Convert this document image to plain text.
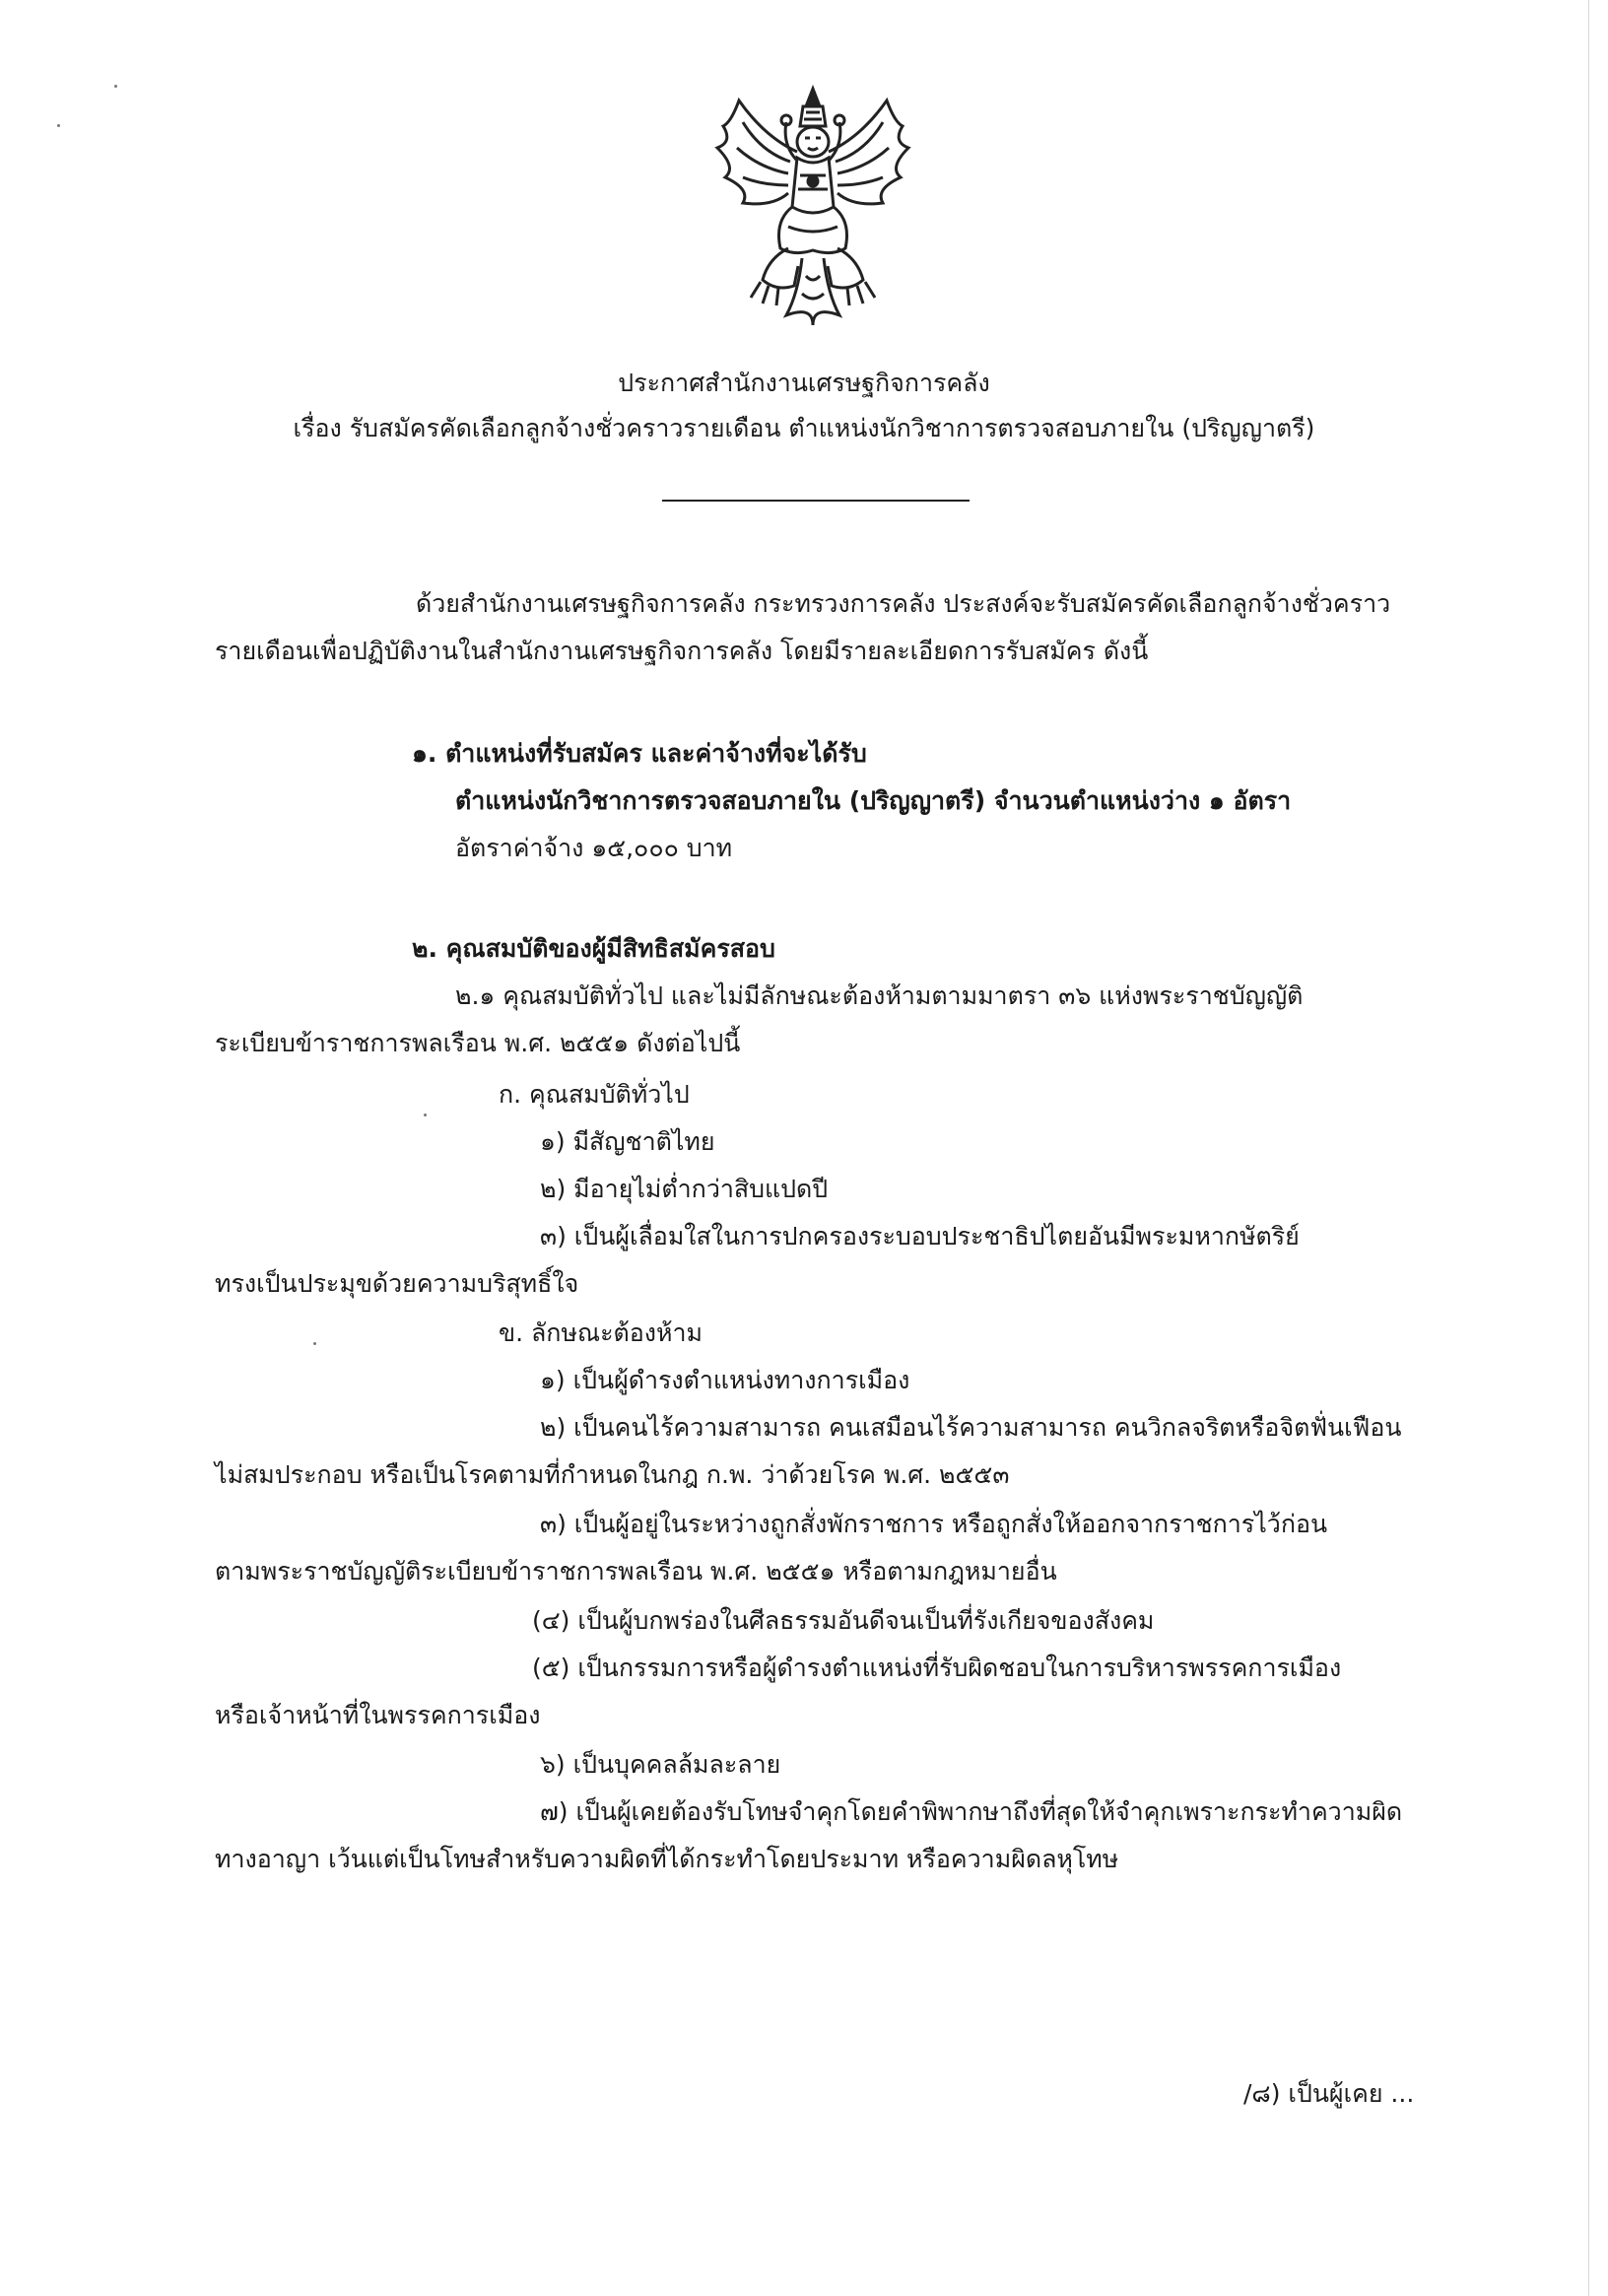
ประกาศสำนักงานเศรษฐกิจการคลัง
เรื่อง รับสมัครคัดเลือกลูกจ้างชั่วคราวรายเดือน ตำแหน่งนักวิชาการตรวจสอบภายใน (ปริญญาตรี)
ด้วยสำนักงานเศรษฐกิจการคลัง กระทรวงการคลัง ประสงค์จะรับสมัครคัดเลือกลูกจ้างชั่วคราว
รายเดือนเพื่อปฏิบัติงานในสำนักงานเศรษฐกิจการคลัง โดยมีรายละเอียดการรับสมัคร ดังนี้
๑. ตำแหน่งที่รับสมัคร และค่าจ้างที่จะได้รับ
ตำแหน่งนักวิชาการตรวจสอบภายใน (ปริญญาตรี) จำนวนตำแหน่งว่าง ๑ อัตรา
อัตราค่าจ้าง ๑๕,๐๐๐ บาท
๒. คุณสมบัติของผู้มีสิทธิสมัครสอบ
๒.๑ คุณสมบัติทั่วไป และไม่มีลักษณะต้องห้ามตามมาตรา ๓๖ แห่งพระราชบัญญัติ
ระเบียบข้าราชการพลเรือน พ.ศ. ๒๕๕๑ ดังต่อไปนี้
ก. คุณสมบัติทั่วไป
๑) มีสัญชาติไทย
๒) มีอายุไม่ต่ำกว่าสิบแปดปี
๓) เป็นผู้เลื่อมใสในการปกครองระบอบประชาธิปไตยอันมีพระมหากษัตริย์
ทรงเป็นประมุขด้วยความบริสุทธิ์ใจ
ข. ลักษณะต้องห้าม
๑) เป็นผู้ดำรงตำแหน่งทางการเมือง
๒) เป็นคนไร้ความสามารถ คนเสมือนไร้ความสามารถ คนวิกลจริตหรือจิตฟั่นเฟือน
ไม่สมประกอบ หรือเป็นโรคตามที่กำหนดในกฎ ก.พ. ว่าด้วยโรค พ.ศ. ๒๕๕๓
๓) เป็นผู้อยู่ในระหว่างถูกสั่งพักราชการ หรือถูกสั่งให้ออกจากราชการไว้ก่อน
ตามพระราชบัญญัติระเบียบข้าราชการพลเรือน พ.ศ. ๒๕๕๑ หรือตามกฎหมายอื่น
(๔) เป็นผู้บกพร่องในศีลธรรมอันดีจนเป็นที่รังเกียจของสังคม
(๕) เป็นกรรมการหรือผู้ดำรงตำแหน่งที่รับผิดชอบในการบริหารพรรคการเมือง
หรือเจ้าหน้าที่ในพรรคการเมือง
๖) เป็นบุคคลล้มละลาย
๗) เป็นผู้เคยต้องรับโทษจำคุกโดยคำพิพากษาถึงที่สุดให้จำคุกเพราะกระทำความผิด
ทางอาญา เว้นแต่เป็นโทษสำหรับความผิดที่ได้กระทำโดยประมาท หรือความผิดลหุโทษ
/๘) เป็นผู้เคย ...
